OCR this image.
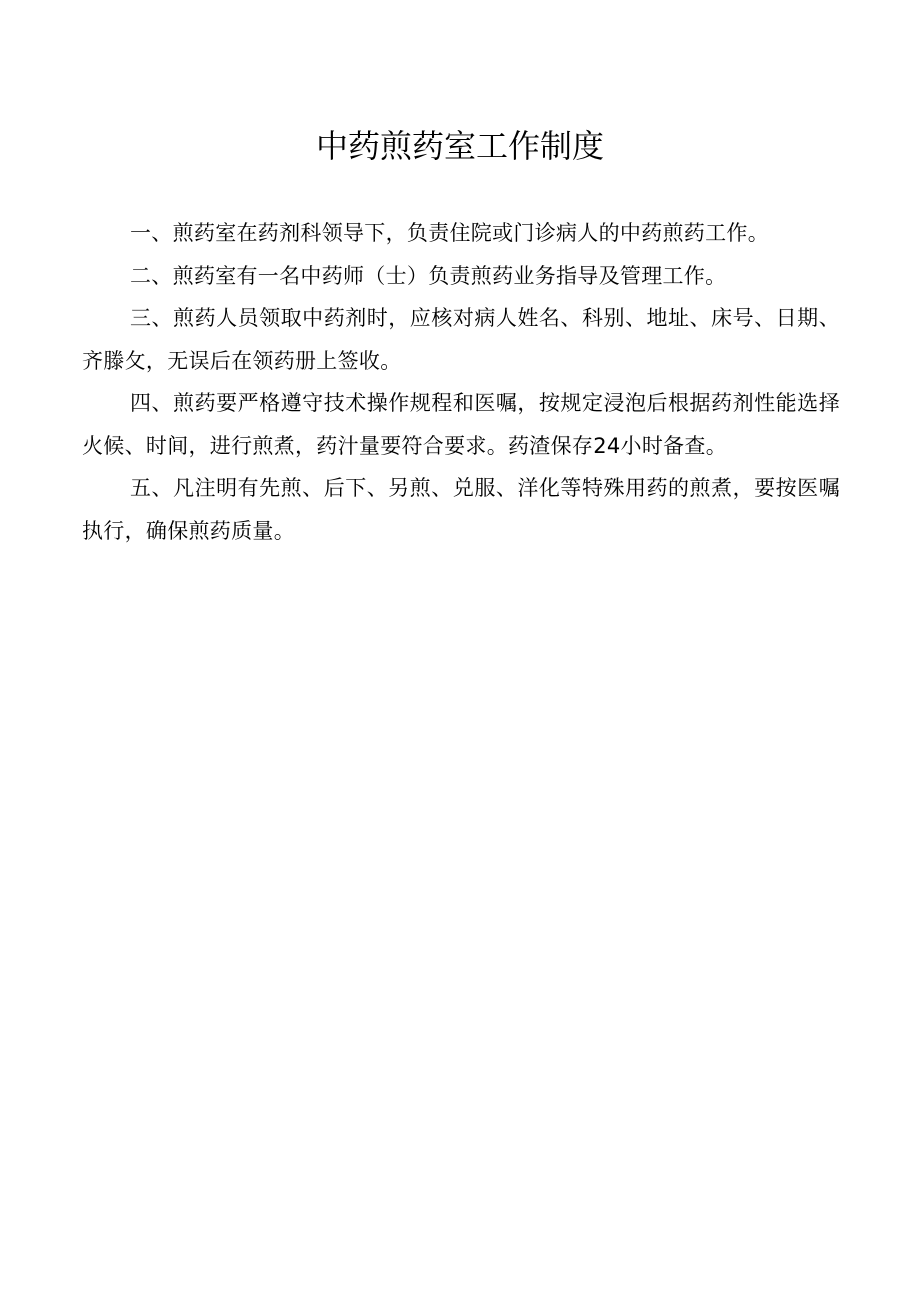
中药煎药室工作制度

一、煎药室在药剂科领导下，负责住院或门诊病人的中药煎药工作。

二、煎药室有一名中药师（士）负责煎药业务指导及管理工作。

三、煎药人员领取中药剂时，应核对病人姓名、科别、地址、床号、日期、齐滕攵，无误后在领药册上签收。

四、煎药要严格遵守技术操作规程和医嘱，按规定浸泡后根据药剂性能选择火候、时间，进行煎煮，药汁量要符合要求。药渣保存24小时备查。

五、凡注明有先煎、后下、另煎、兑服、洋化等特殊用药的煎煮，要按医嘱执行，确保煎药质量。
